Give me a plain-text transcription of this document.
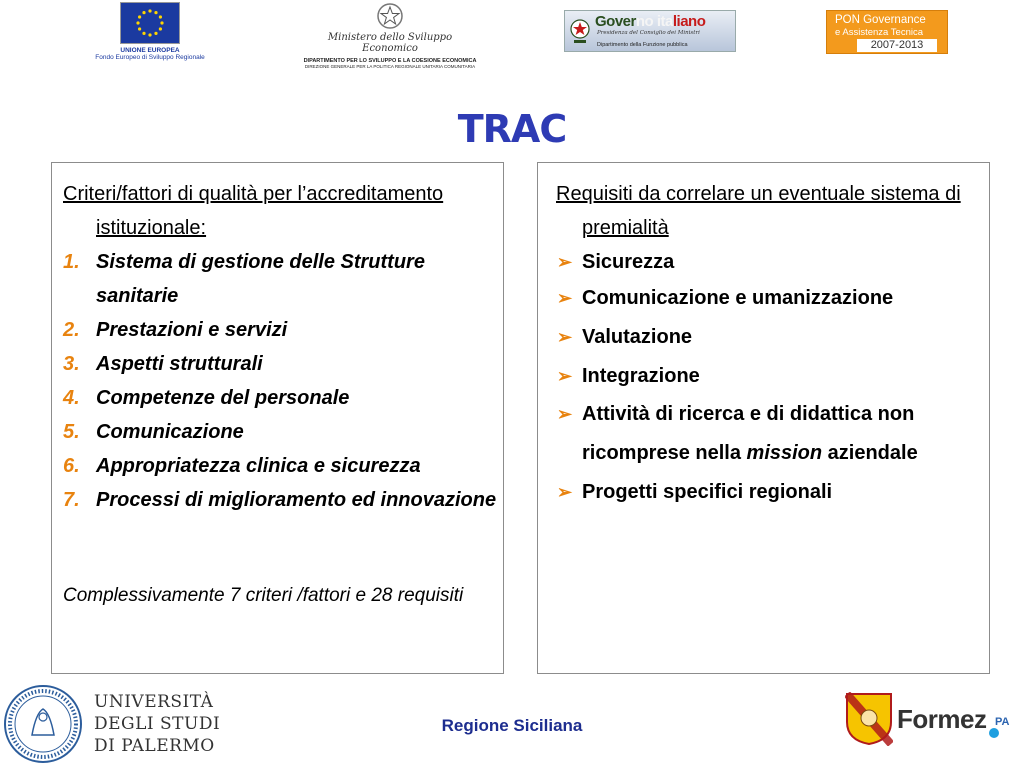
UNIONE EUROPEA
Fondo Europeo di Sviluppo Regionale
Ministero dello Sviluppo Economico
DIPARTIMENTO PER LO SVILUPPO E LA COESIONE ECONOMICA
DIREZIONE GENERALE PER LA POLITICA REGIONALE UNITARIA COMUNITARIA
Governo italiano
Presidenza del Consiglio dei Ministri
Dipartimento della Funzione pubblica
PON Governance
e Assistenza Tecnica
2007-2013
TRAC
Criteri/fattori di qualità per l’accreditamento istituzionale:
1. Sistema di gestione delle Strutture sanitarie
2. Prestazioni e servizi
3. Aspetti strutturali
4. Competenze del personale
5. Comunicazione
6. Appropriatezza clinica e sicurezza
7. Processi di miglioramento ed innovazione
Complessivamente 7 criteri /fattori e 28 requisiti
Requisiti da correlare un eventuale sistema di premialità
➢ Sicurezza
➢ Comunicazione e umanizzazione
➢ Valutazione
➢ Integrazione
➢ Attività di ricerca e di didattica non ricomprese nella mission aziendale
➢ Progetti specifici regionali
UNIVERSITÀ
DEGLI STUDI
DI PALERMO
Regione Siciliana	Formez PA
